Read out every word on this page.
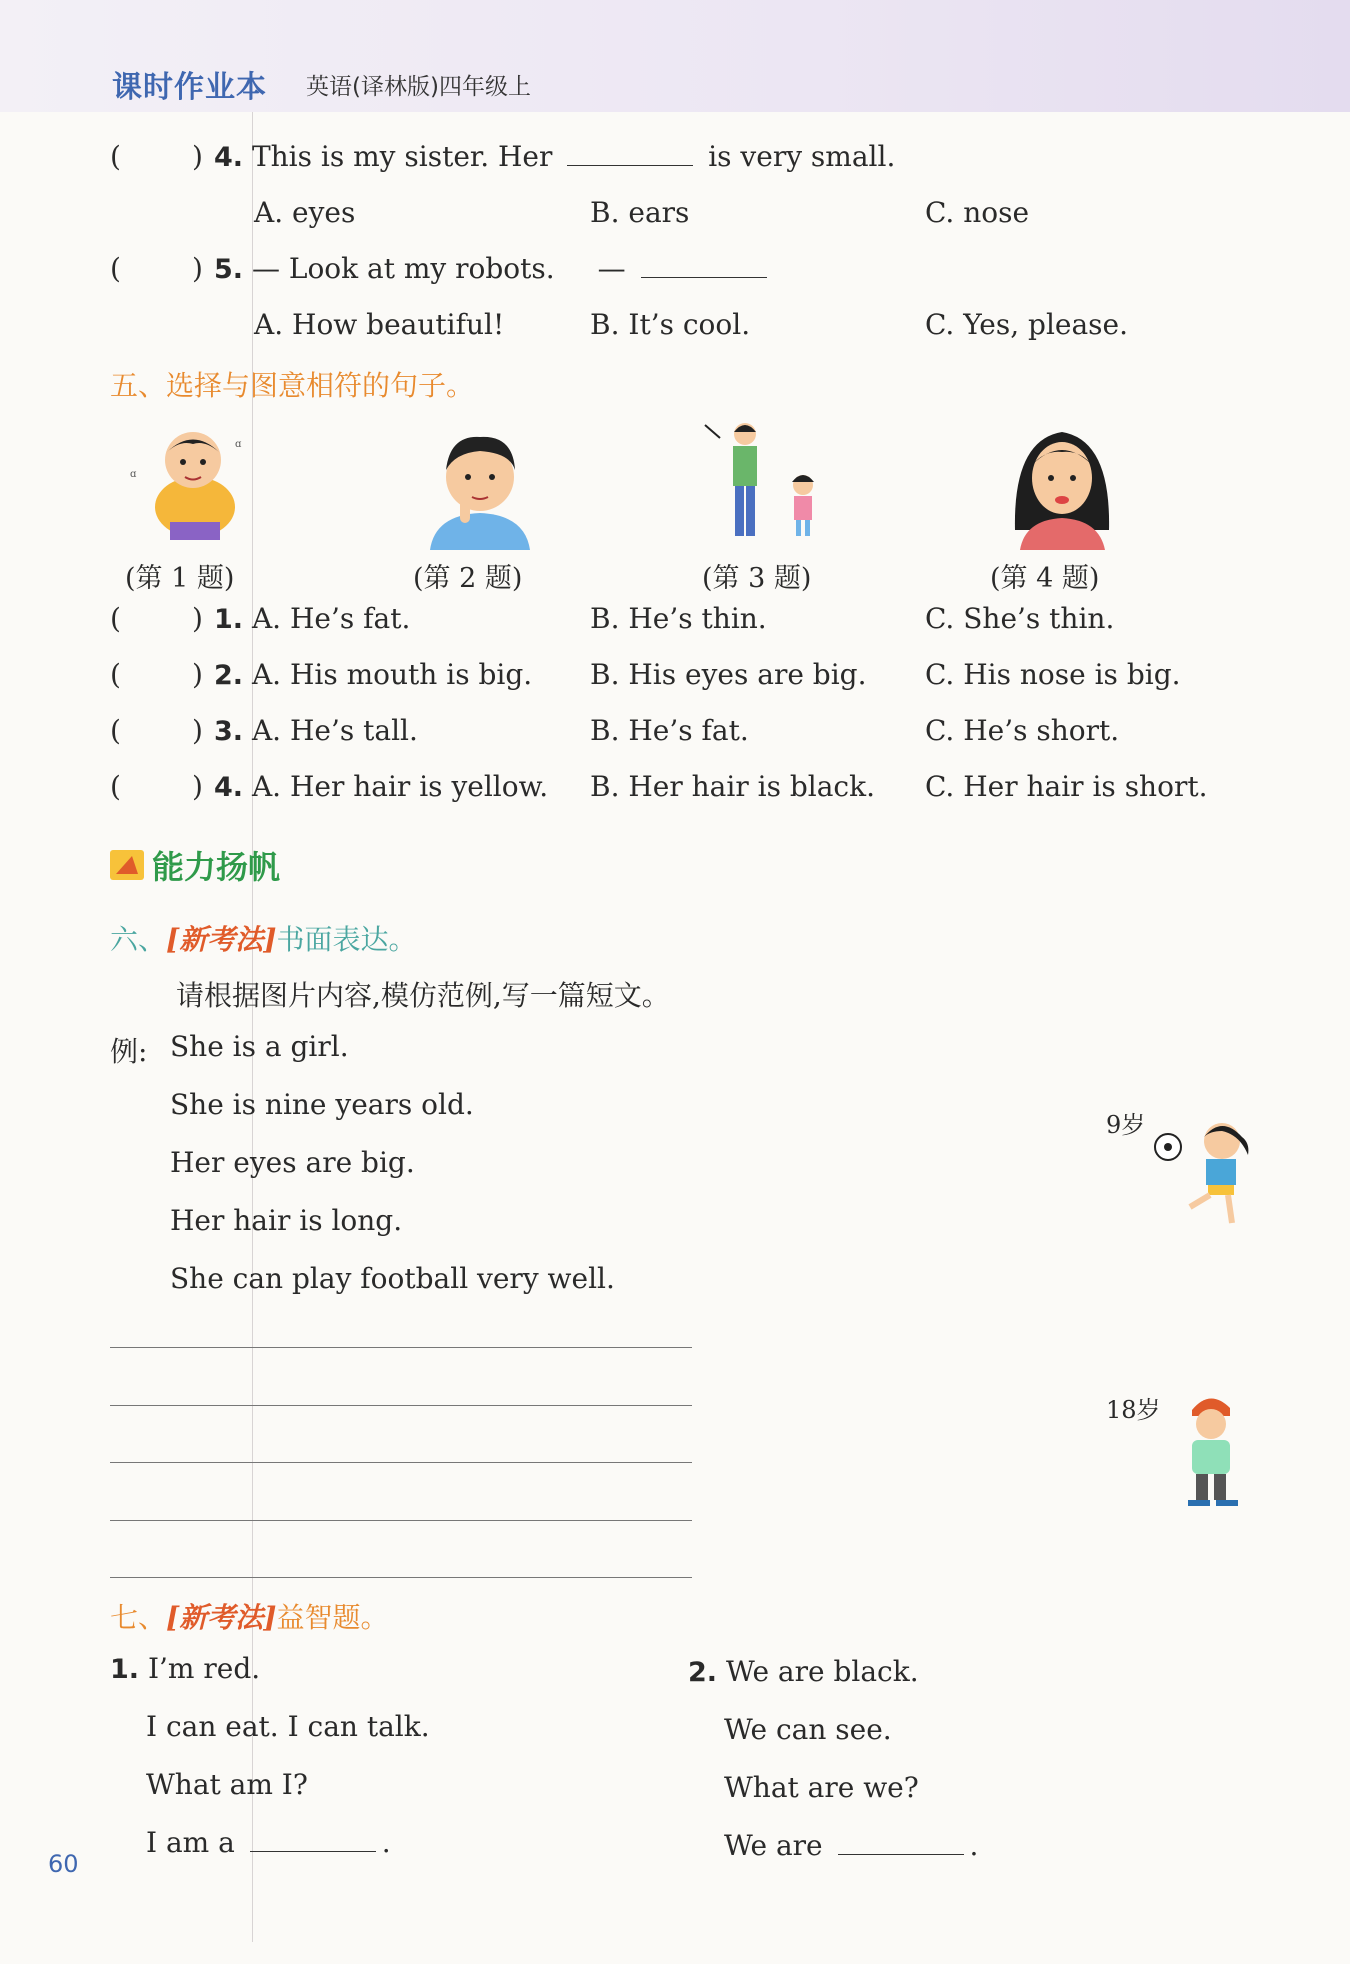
课时作业本 英语(译林版)四年级上
(	) 4. This is my sister. Her	is very small.
A. eyes	B. ears	C. nose
(	) 5. — Look at my robots. —
A. How beautiful!	B. It’s cool.	C. Yes, please.
五、选择与图意相符的句子。
ɑ
ɑ
(第 1 题)	(第 2 题)	(第 3 题)	(第 4 题)
(	) 1. A. He’s fat.	B. He’s thin.	C. She’s thin.
(	) 2. A. His mouth is big. B. His eyes are big. C. His nose is big.
(	) 3. A. He’s tall.	B. He’s fat.	C. He’s short.
(	) 4. A. Her hair is yellow. B. Her hair is black. C. Her hair is short.
能力扬帆
六、[新考法]书面表达。
请根据图片内容,模仿范例,写一篇短文。
例: She is a girl.
She is nine years old.
Her eyes are big.
Her hair is long.
She can play football very well.
9岁
18岁
七、[新考法]益智题。
1. I’m red.
I can eat. I can talk.
What am I?
I am a	.
2. We are black.
We can see.
What are we?
We are	.
60
